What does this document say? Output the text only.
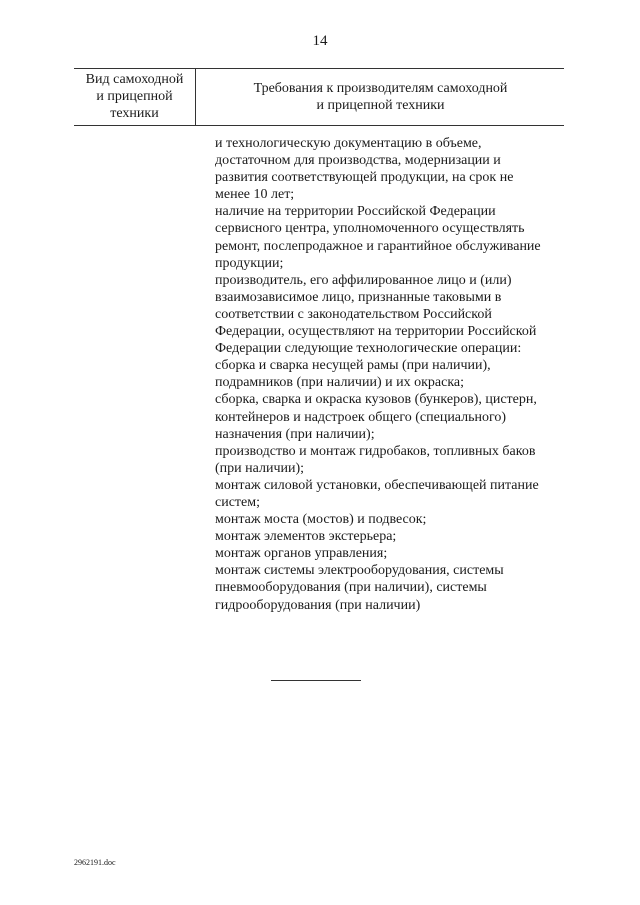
14
Вид самоходной
и прицепной
техники
Требования к производителям самоходной
и прицепной техники
и технологическую документацию в объеме,
достаточном для производства, модернизации и
развития соответствующей продукции, на срок не
менее 10 лет;
наличие на территории Российской Федерации
сервисного центра, уполномоченного осуществлять
ремонт, послепродажное и гарантийное обслуживание
продукции;
производитель, его аффилированное лицо и (или)
взаимозависимое лицо, признанные таковыми в
соответствии с законодательством Российской
Федерации, осуществляют на территории Российской
Федерации следующие технологические операции:
сборка и сварка несущей рамы (при наличии),
подрамников (при наличии) и их окраска;
сборка, сварка и окраска кузовов (бункеров), цистерн,
контейнеров и надстроек общего (специального)
назначения (при наличии);
производство и монтаж гидробаков, топливных баков
(при наличии);
монтаж силовой установки, обеспечивающей питание
систем;
монтаж моста (мостов) и подвесок;
монтаж элементов экстерьера;
монтаж органов управления;
монтаж системы электрооборудования, системы
пневмооборудования (при наличии), системы
гидрооборудования (при наличии)
2962191.doc
